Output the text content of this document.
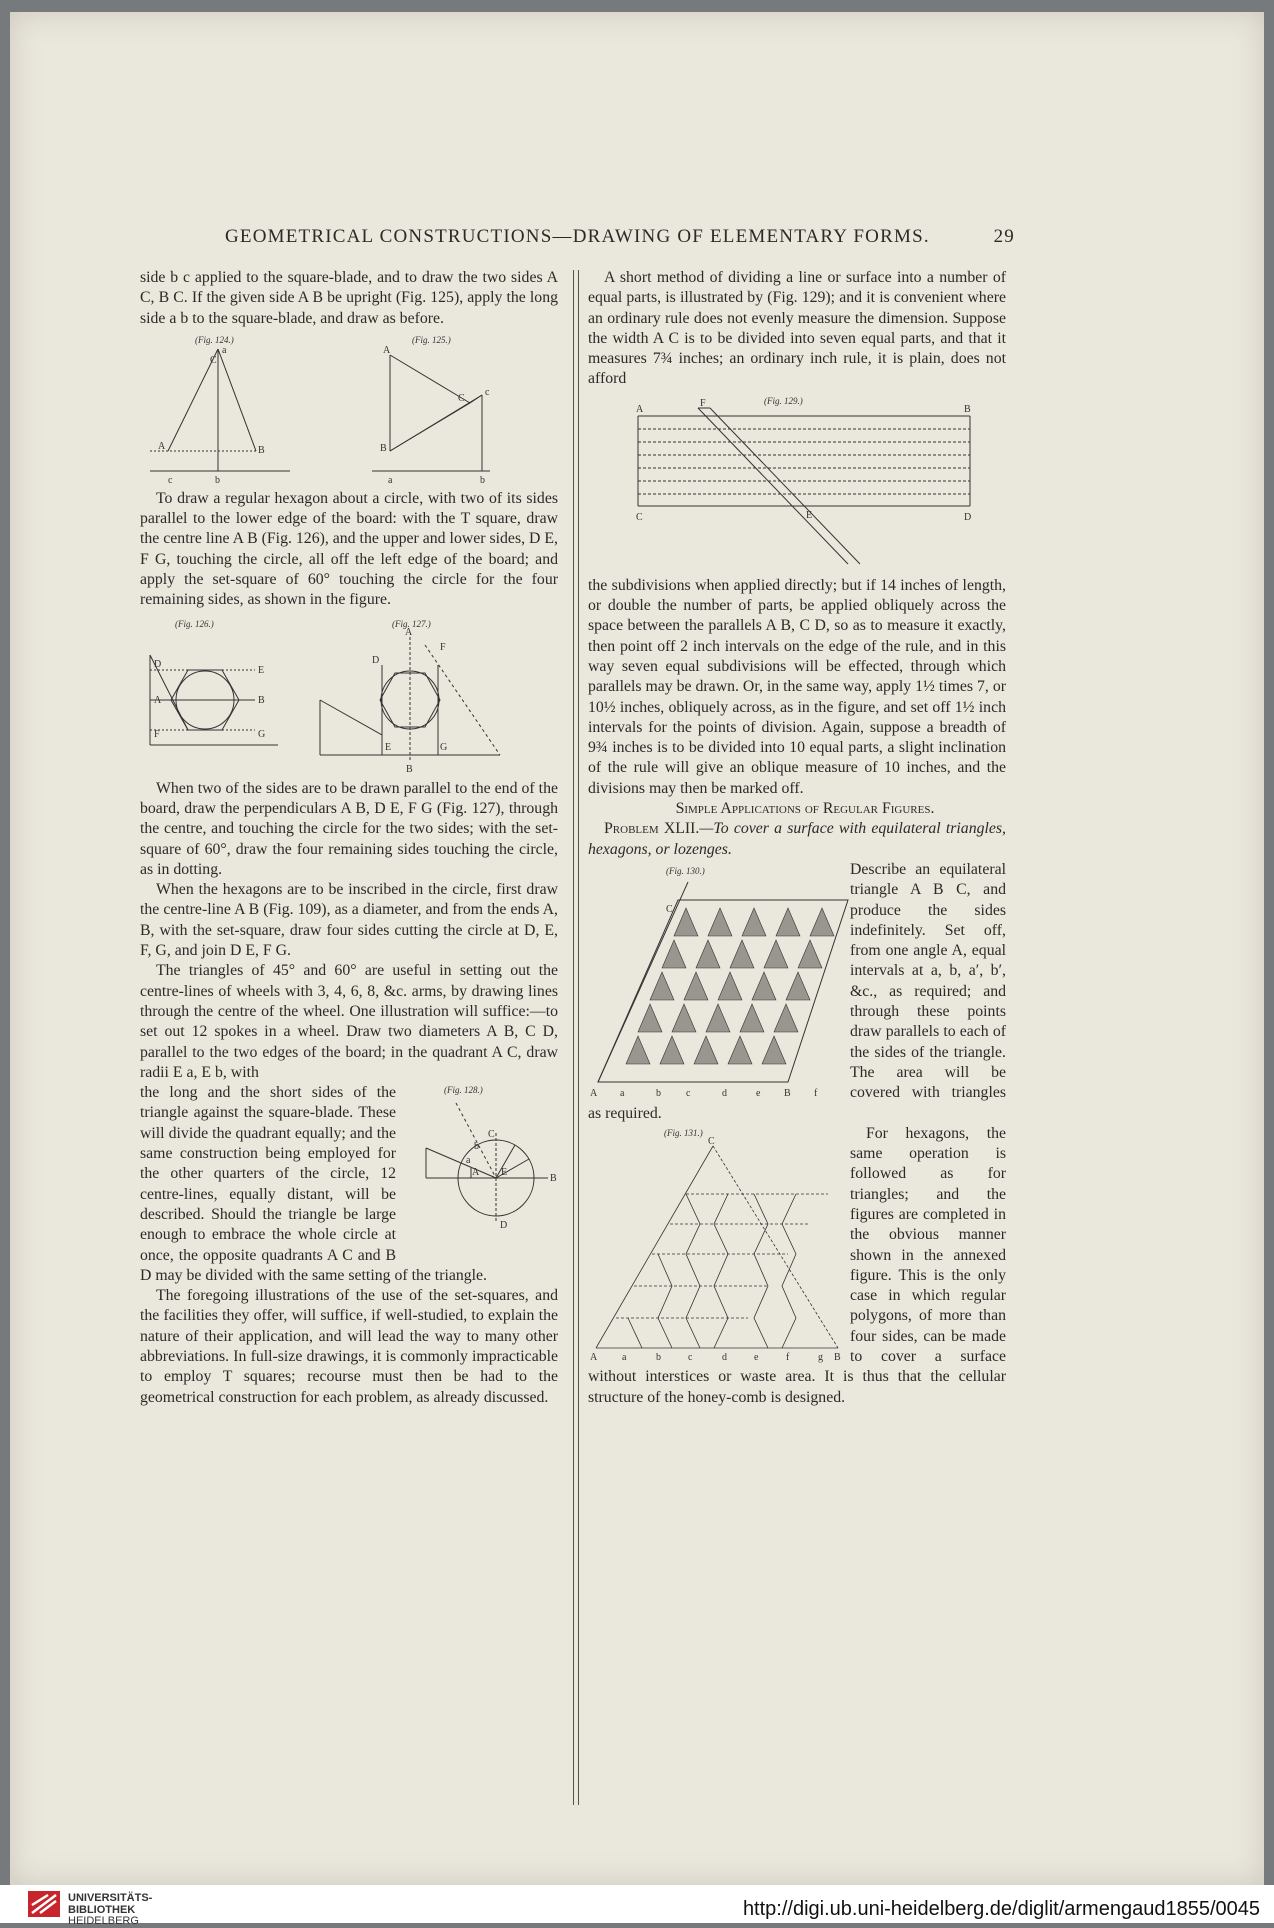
GEOMETRICAL CONSTRUCTIONS—DRAWING OF ELEMENTARY FORMS.	29

side b c applied to the square-blade, and to draw the two sides A C, B C. If the given side A B be upright (Fig. 125), apply the long side a b to the square-blade, and draw as before.

(Fig. 124.)	(Fig. 125.)
C
a
A	B
c	b
A
C
B
c
a	b

To draw a regular hexagon about a circle, with two of its sides parallel to the lower edge of the board: with the T square, draw the centre line A B (Fig. 126), and the upper and lower sides, D E, F G, touching the circle, all off the left edge of the board; and apply the set-square of 60° touching the circle for the four remaining sides, as shown in the figure.

(Fig. 126.)	(Fig. 127.)
D
E
A	B
F	G
A
F
D
E	G
B

When two of the sides are to be drawn parallel to the end of the board, draw the perpendiculars A B, D E, F G (Fig. 127), through the centre, and touching the circle for the two sides; with the set-square of 60°, draw the four remaining sides touching the circle, as in dotting.

When the hexagons are to be inscribed in the circle, first draw the centre-line A B (Fig. 109), as a diameter, and from the ends A, B, with the set-square, draw four sides cutting the circle at D, E, F, G, and join D E, F G.

The triangles of 45° and 60° are useful in setting out the centre-lines of wheels with 3, 4, 6, 8, &c. arms, by drawing lines through the centre of the wheel. One illustration will suffice:—to set out 12 spokes in a wheel. Draw two diameters A B, C D, parallel to the two edges of the board; in the quadrant A C, draw radii E a, E b, with

(Fig. 128.)
C
b
a
E
A
B
D

the long and the short sides of the triangle against the square-blade. These will divide the quadrant equally; and the same construction being employed for the other quarters of the circle, 12 centre-lines, equally distant, will be described. Should the triangle be large enough to embrace the whole circle at once, the opposite quadrants A C and B D may be divided with the same setting of the triangle.

The foregoing illustrations of the use of the set-squares, and the facilities they offer, will suffice, if well-studied, to explain the nature of their application, and will lead the way to many other abbreviations. In full-size drawings, it is commonly impracticable to employ T squares; recourse must then be had to the geometrical construction for each problem, as already discussed.

A short method of dividing a line or surface into a number of equal parts, is illustrated by (Fig. 129); and it is convenient where an ordinary rule does not evenly measure the dimension. Suppose the width A C is to be divided into seven equal parts, and that it measures 7¾ inches; an ordinary inch rule, it is plain, does not afford

(Fig. 129.)
A
F
B
C	E	D

the subdivisions when applied directly; but if 14 inches of length, or double the number of parts, be applied obliquely across the space between the parallels A B, C D, so as to measure it exactly, then point off 2 inch intervals on the edge of the rule, and in this way seven equal subdivisions will be effected, through which parallels may be drawn. Or, in the same way, apply 1½ times 7, or 10½ inches, obliquely across, as in the figure, and set off 1½ inch intervals for the points of division. Again, suppose a breadth of 9¾ inches is to be divided into 10 equal parts, a slight inclination of the rule will give an oblique measure of 10 inches, and the divisions may then be marked off.

Simple Applications of Regular Figures.

Problem XLII.—To cover a surface with equilateral triangles, hexagons, or lozenges.

(Fig. 130.)
A a	b	c	d	e B f
C

Describe an equilateral triangle A B C, and produce the sides indefinitely. Set off, from one angle A, equal intervals at a, b, a′, b′, &c., as required; and through these points draw parallels to each of the sides of the triangle. The area will be covered with triangles as required.

(Fig. 131.)
A a	b	c	d	e	f	g B
C	For hexagons, the same operation is followed as for triangles; and the figures are completed in the obvious manner shown in the annexed figure. This is the only case in which regular polygons, of more than four sides, can be made to cover a surface without interstices or waste area. It is thus that the cellular structure of the honey-comb is designed.

UNIVERSITÄTS-
BIBLIOTHEK
HEIDELBERG
http://digi.ub.uni-heidelberg.de/diglit/armengaud1855/0045
